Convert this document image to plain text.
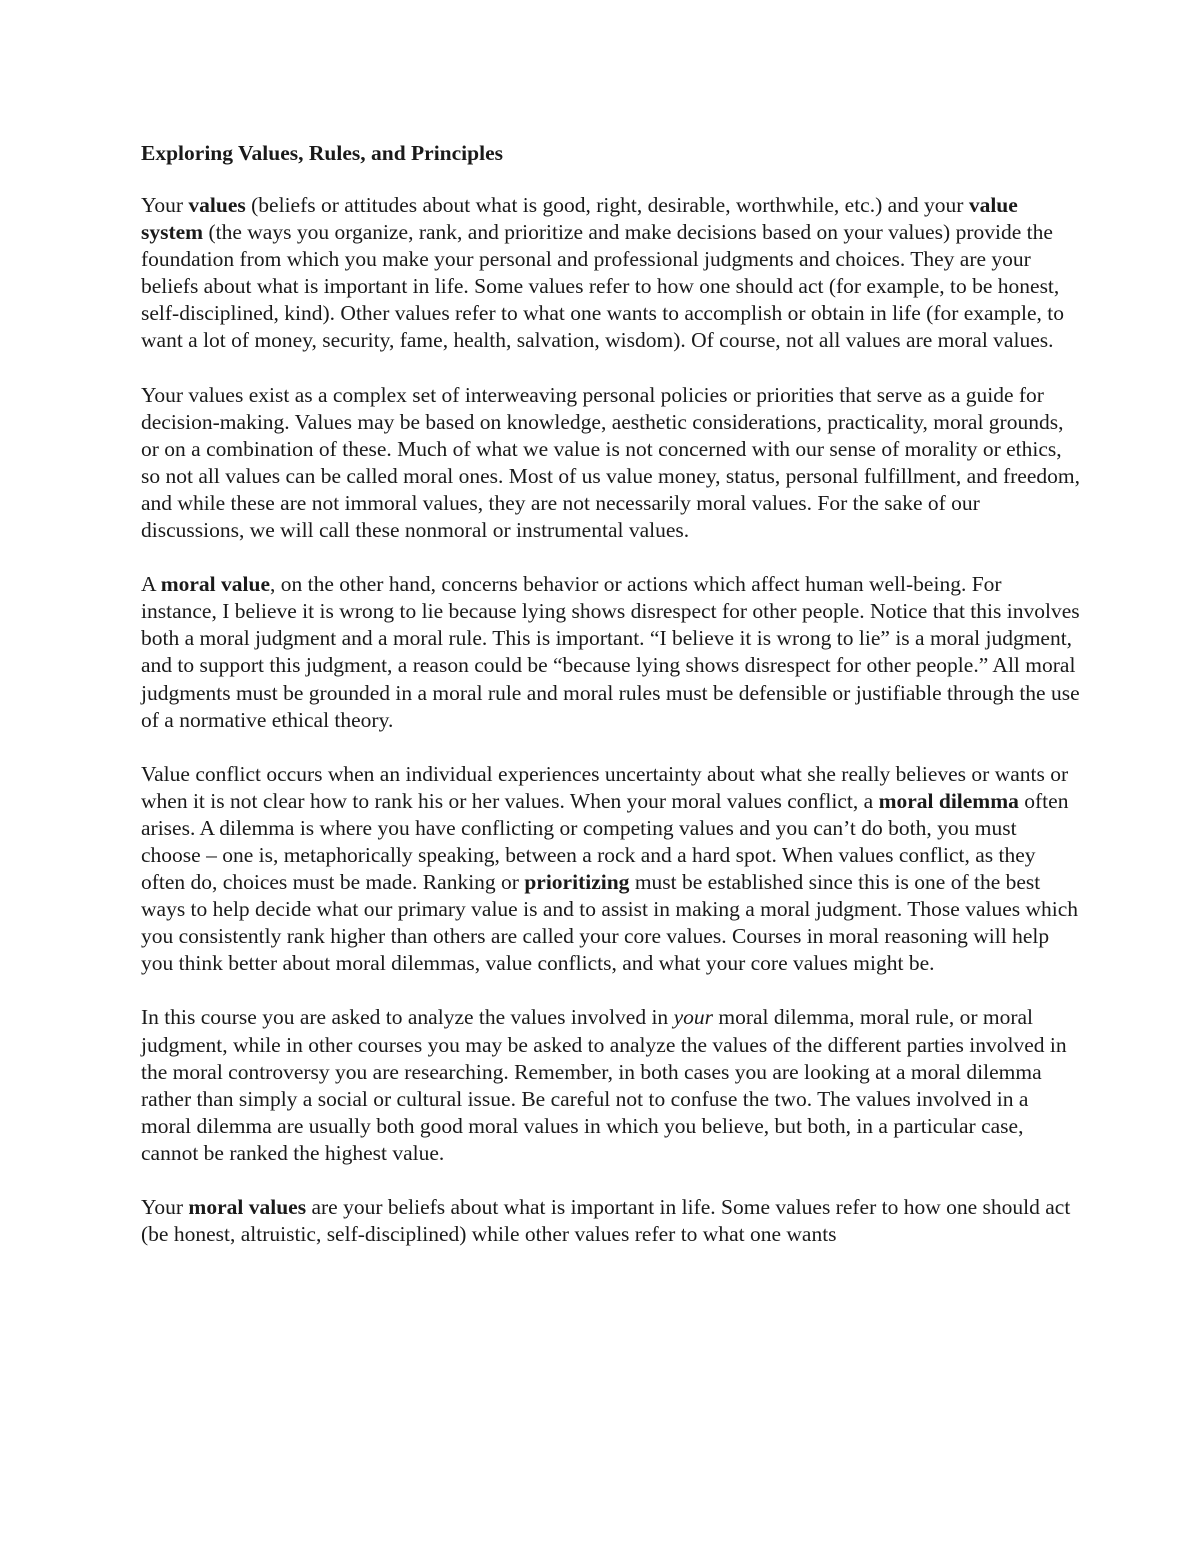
Exploring Values, Rules, and Principles

Your values (beliefs or attitudes about what is good, right, desirable, worthwhile, etc.) and your value system (the ways you organize, rank, and prioritize and make decisions based on your values) provide the foundation from which you make your personal and professional judgments and choices. They are your beliefs about what is important in life. Some values refer to how one should act (for example, to be honest, self-disciplined, kind). Other values refer to what one wants to accomplish or obtain in life (for example, to want a lot of money, security, fame, health, salvation, wisdom). Of course, not all values are moral values.

Your values exist as a complex set of interweaving personal policies or priorities that serve as a guide for decision-making. Values may be based on knowledge, aesthetic considerations, practicality, moral grounds, or on a combination of these. Much of what we value is not concerned with our sense of morality or ethics, so not all values can be called moral ones. Most of us value money, status, personal fulfillment, and freedom, and while these are not immoral values, they are not necessarily moral values. For the sake of our discussions, we will call these nonmoral or instrumental values.

A moral value, on the other hand, concerns behavior or actions which affect human well-being. For instance, I believe it is wrong to lie because lying shows disrespect for other people. Notice that this involves both a moral judgment and a moral rule. This is important. “I believe it is wrong to lie” is a moral judgment, and to support this judgment, a reason could be “because lying shows disrespect for other people.” All moral judgments must be grounded in a moral rule and moral rules must be defensible or justifiable through the use of a normative ethical theory.

Value conflict occurs when an individual experiences uncertainty about what she really believes or wants or when it is not clear how to rank his or her values. When your moral values conflict, a moral dilemma often arises. A dilemma is where you have conflicting or competing values and you can’t do both, you must choose – one is, metaphorically speaking, between a rock and a hard spot. When values conflict, as they often do, choices must be made. Ranking or prioritizing must be established since this is one of the best ways to help decide what our primary value is and to assist in making a moral judgment. Those values which you consistently rank higher than others are called your core values. Courses in moral reasoning will help you think better about moral dilemmas, value conflicts, and what your core values might be.

In this course you are asked to analyze the values involved in your moral dilemma, moral rule, or moral judgment, while in other courses you may be asked to analyze the values of the different parties involved in the moral controversy you are researching. Remember, in both cases you are looking at a moral dilemma rather than simply a social or cultural issue. Be careful not to confuse the two. The values involved in a moral dilemma are usually both good moral values in which you believe, but both, in a particular case, cannot be ranked the highest value.

Your moral values are your beliefs about what is important in life. Some values refer to how one should act (be honest, altruistic, self-disciplined) while other values refer to what one wants
